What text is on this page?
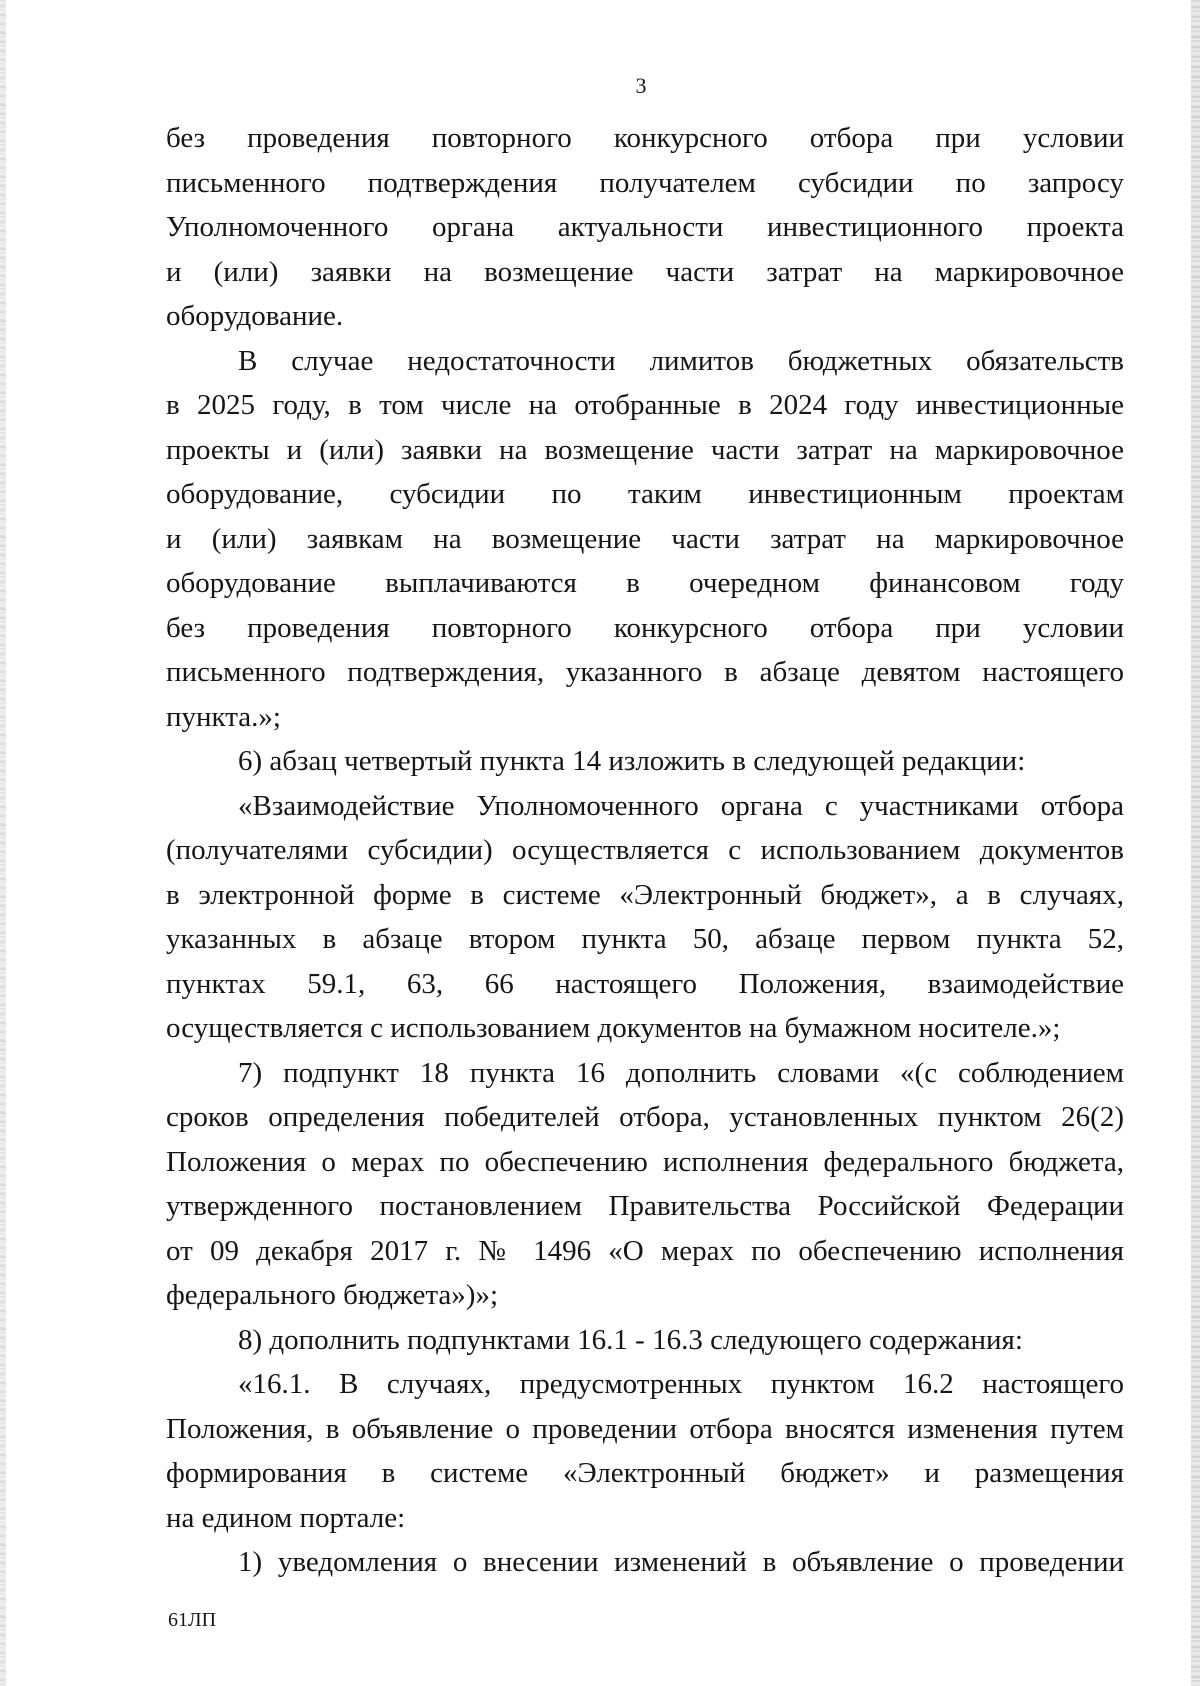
3
без проведения повторного конкурсного отбора при условии
письменного подтверждения получателем субсидии по запросу
Уполномоченного органа актуальности инвестиционного проекта
и (или) заявки на возмещение части затрат на маркировочное
оборудование.
В случае недостаточности лимитов бюджетных обязательств
в 2025 году, в том числе на отобранные в 2024 году инвестиционные
проекты и (или) заявки на возмещение части затрат на маркировочное
оборудование, субсидии по таким инвестиционным проектам
и (или) заявкам на возмещение части затрат на маркировочное
оборудование выплачиваются в очередном финансовом году
без проведения повторного конкурсного отбора при условии
письменного подтверждения, указанного в абзаце девятом настоящего
пункта.»;
6) абзац четвертый пункта 14 изложить в следующей редакции:
«Взаимодействие Уполномоченного органа с участниками отбора
(получателями субсидии) осуществляется с использованием документов
в электронной форме в системе «Электронный бюджет», а в случаях,
указанных в абзаце втором пункта 50, абзаце первом пункта 52,
пунктах 59.1, 63, 66 настоящего Положения, взаимодействие
осуществляется с использованием документов на бумажном носителе.»;
7) подпункт 18 пункта 16 дополнить словами «(с соблюдением
сроков определения победителей отбора, установленных пунктом 26(2)
Положения о мерах по обеспечению исполнения федерального бюджета,
утвержденного постановлением Правительства Российской Федерации
от 09 декабря 2017 г. № 1496 «О мерах по обеспечению исполнения
федерального бюджета»)»;
8) дополнить подпунктами 16.1 - 16.3 следующего содержания:
«16.1. В случаях, предусмотренных пунктом 16.2 настоящего
Положения, в объявление о проведении отбора вносятся изменения путем
формирования в системе «Электронный бюджет» и размещения
на едином портале:
1) уведомления о внесении изменений в объявление о проведении
61ЛП
